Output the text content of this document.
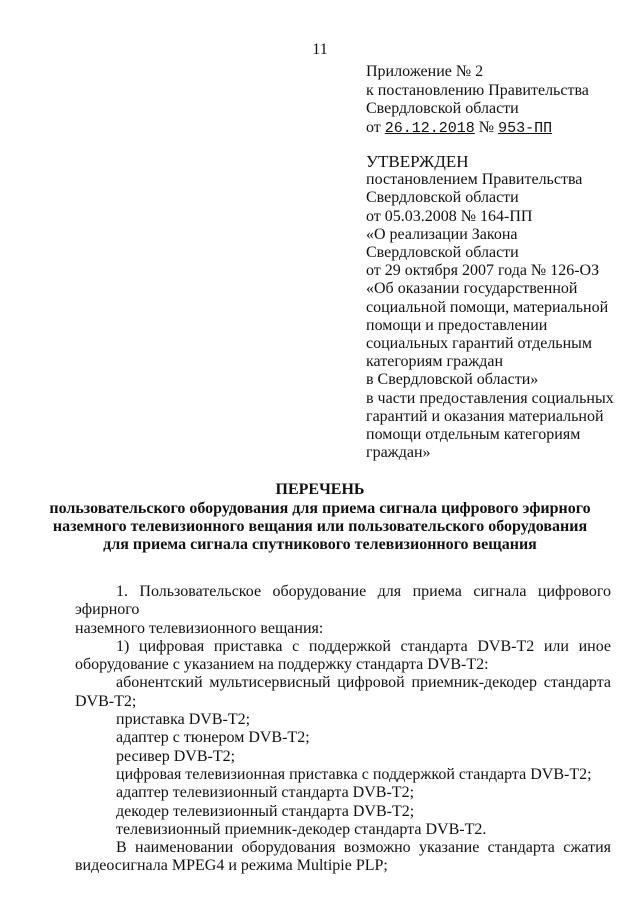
11
Приложение № 2
к постановлению Правительства
Свердловской области
от 26.12.2018 № 953-ПП
УТВЕРЖДЕН
постановлением Правительства
Свердловской области
от 05.03.2008 № 164-ПП
«О реализации Закона
Свердловской области
от 29 октября 2007 года № 126-ОЗ
«Об оказании государственной
социальной помощи, материальной
помощи и предоставлении
социальных гарантий отдельным
категориям граждан
в Свердловской области»
в части предоставления социальных
гарантий и оказания материальной
помощи отдельным категориям
граждан»
ПЕРЕЧЕНЬ
пользовательского оборудования для приема сигнала цифрового эфирного
наземного телевизионного вещания или пользовательского оборудования
для приема сигнала спутникового телевизионного вещания

1. Пользовательское оборудование для приема сигнала цифрового эфирного

наземного телевизионного вещания:

1) цифровая приставка с поддержкой стандарта DVB-T2 или иное

оборудование с указанием на поддержку стандарта DVB-T2:

абонентский мультисервисный цифровой приемник-декодер стандарта

DVB-T2;

приставка DVB-T2;

адаптер с тюнером DVB-T2;

ресивер DVB-T2;

цифровая телевизионная приставка с поддержкой стандарта DVB-T2;

адаптер телевизионный стандарта DVB-T2;

декодер телевизионный стандарта DVB-T2;

телевизионный приемник-декодер стандарта DVB-T2.

В наименовании оборудования возможно указание стандарта сжатия

видеосигнала MPEG4 и режима Multipie PLP;
